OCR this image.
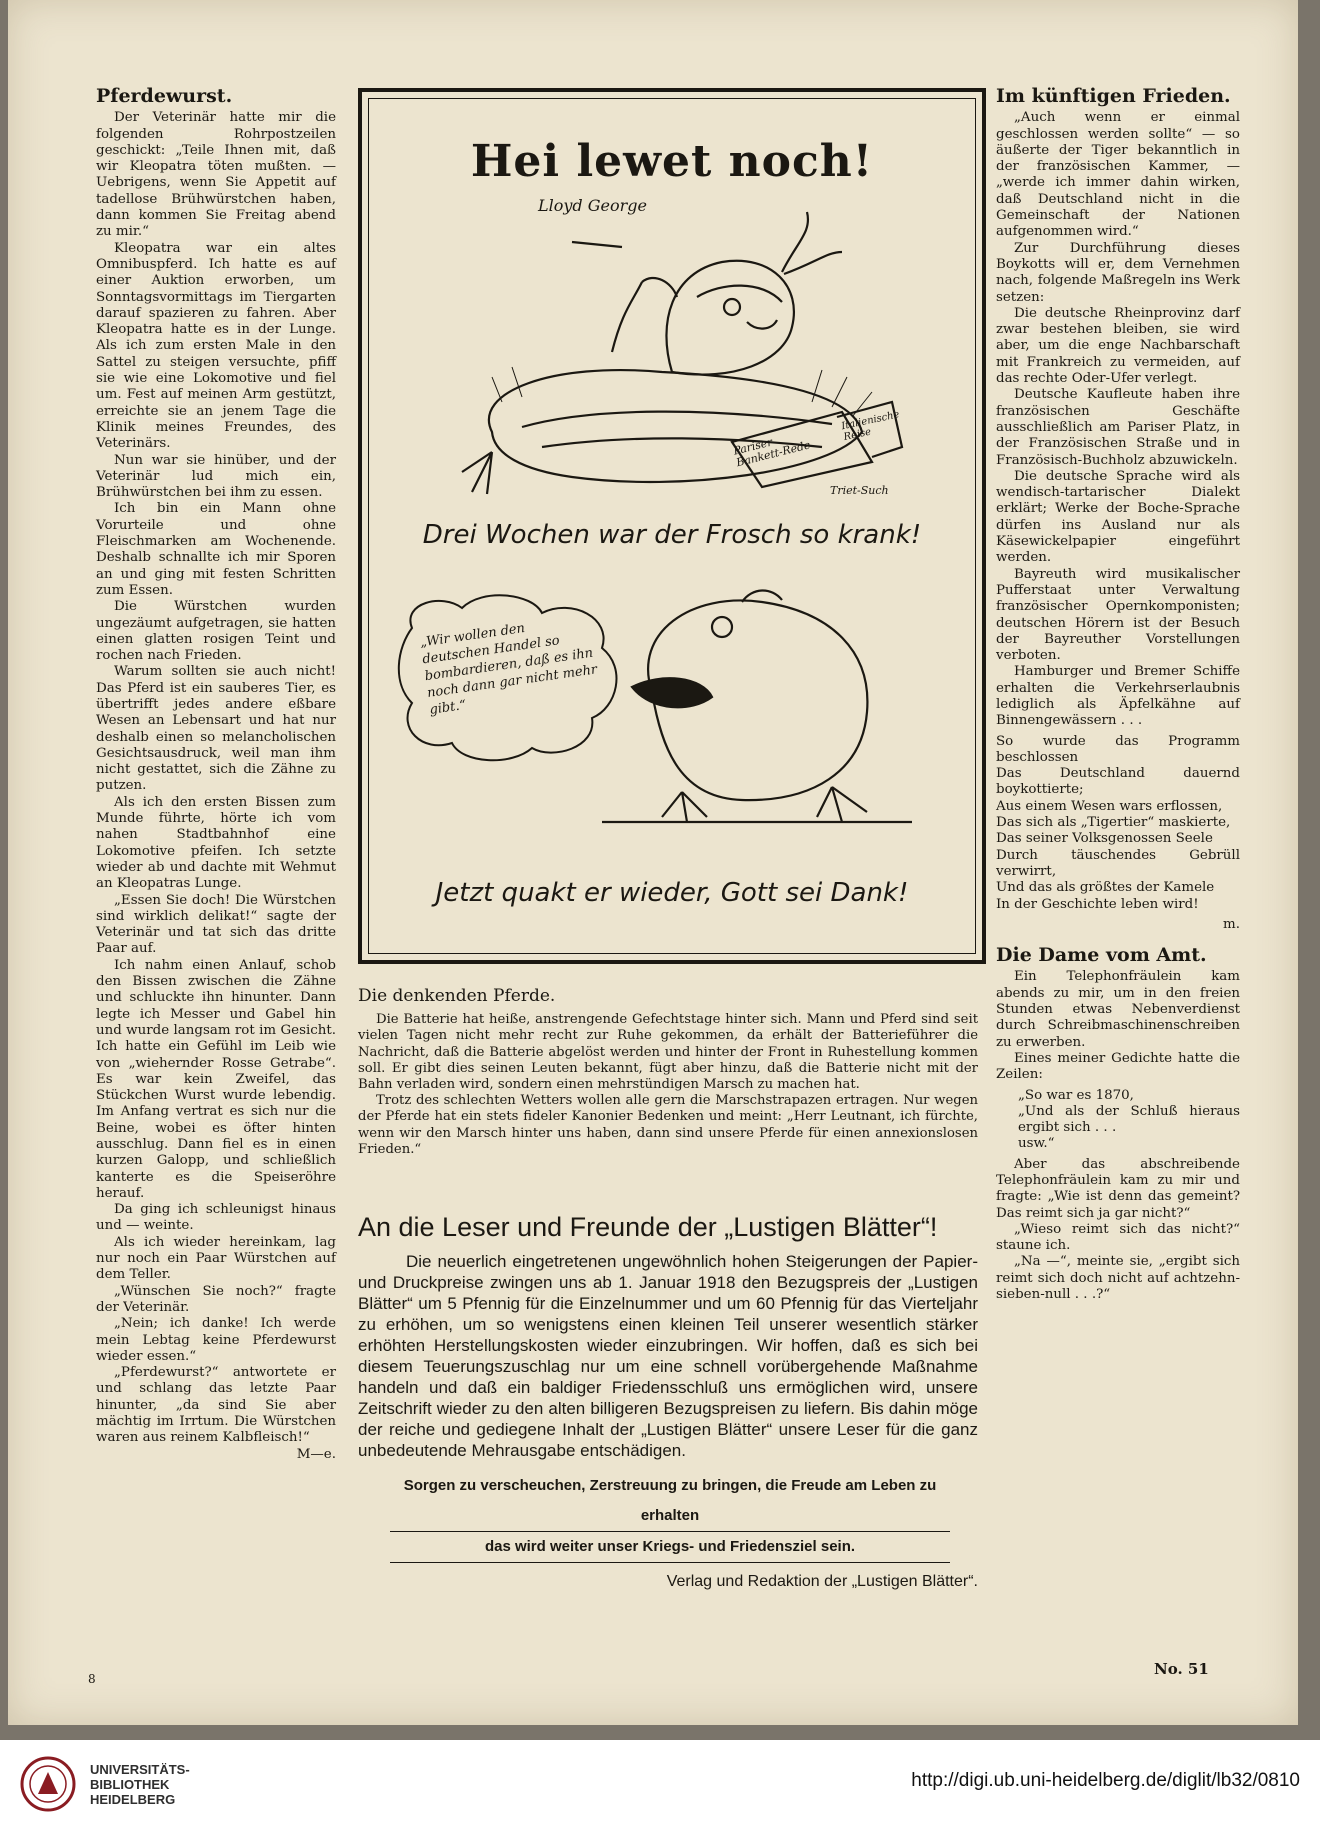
Pferdewurst.

Der Veterinär hatte mir die folgenden Rohrpostzeilen geschickt: „Teile Ihnen mit, daß wir Kleopatra töten mußten. — Uebrigens, wenn Sie Appetit auf tadellose Brühwürstchen haben, dann kommen Sie Freitag abend zu mir.“

Kleopatra war ein altes Omnibuspferd. Ich hatte es auf einer Auktion erworben, um Sonntagsvormittags im Tiergarten darauf spazieren zu fahren. Aber Kleopatra hatte es in der Lunge. Als ich zum ersten Male in den Sattel zu steigen versuchte, pfiff sie wie eine Lokomotive und fiel um. Fest auf meinen Arm gestützt, erreichte sie an jenem Tage die Klinik meines Freundes, des Veterinärs.

Nun war sie hinüber, und der Veterinär lud mich ein, Brühwürstchen bei ihm zu essen.

Ich bin ein Mann ohne Vorurteile und ohne Fleischmarken am Wochenende. Deshalb schnallte ich mir Sporen an und ging mit festen Schritten zum Essen.

Die Würstchen wurden ungezäumt aufgetragen, sie hatten einen glatten rosigen Teint und rochen nach Frieden.

Warum sollten sie auch nicht! Das Pferd ist ein sauberes Tier, es übertrifft jedes andere eßbare Wesen an Lebensart und hat nur deshalb einen so melancholischen Gesichtsausdruck, weil man ihm nicht gestattet, sich die Zähne zu putzen.

Als ich den ersten Bissen zum Munde führte, hörte ich vom nahen Stadtbahnhof eine Lokomotive pfeifen. Ich setzte wieder ab und dachte mit Wehmut an Kleopatras Lunge.

„Essen Sie doch! Die Würstchen sind wirklich delikat!“ sagte der Veterinär und tat sich das dritte Paar auf.

Ich nahm einen Anlauf, schob den Bissen zwischen die Zähne und schluckte ihn hinunter. Dann legte ich Messer und Gabel hin und wurde langsam rot im Gesicht. Ich hatte ein Gefühl im Leib wie von „wiehernder Rosse Getrabe“. Es war kein Zweifel, das Stückchen Wurst wurde lebendig. Im Anfang vertrat es sich nur die Beine, wobei es öfter hinten ausschlug. Dann fiel es in einen kurzen Galopp, und schließlich kanterte es die Speiseröhre herauf.

Da ging ich schleunigst hinaus und — weinte.

Als ich wieder hereinkam, lag nur noch ein Paar Würstchen auf dem Teller.

„Wünschen Sie noch?“ fragte der Veterinär.

„Nein; ich danke! Ich werde mein Lebtag keine Pferdewurst wieder essen.“

„Pferdewurst?“ antwortete er und schlang das letzte Paar hinunter, „da sind Sie aber mächtig im Irrtum. Die Würstchen waren aus reinem Kalbfleisch!“

M—e.
Hei lewet noch!
Lloyd George
Pariser Bankett-Rede
Italienische Reise
Triet-Such
Drei Wochen war der Frosch so krank!
„Wir wollen den deutschen Handel so bombardieren, daß es ihn noch dann gar nicht mehr gibt.“
Jetzt quakt er wieder, Gott sei Dank!
Die denkenden Pferde.

Die Batterie hat heiße, anstrengende Gefechtstage hinter sich. Mann und Pferd sind seit vielen Tagen nicht mehr recht zur Ruhe gekommen, da erhält der Batterieführer die Nachricht, daß die Batterie abgelöst werden und hinter der Front in Ruhestellung kommen soll. Er gibt dies seinen Leuten bekannt, fügt aber hinzu, daß die Batterie nicht mit der Bahn verladen wird, sondern einen mehrstündigen Marsch zu machen hat.

Trotz des schlechten Wetters wollen alle gern die Marschstrapazen ertragen. Nur wegen der Pferde hat ein stets fideler Kanonier Bedenken und meint: „Herr Leutnant, ich fürchte, wenn wir den Marsch hinter uns haben, dann sind unsere Pferde für einen annexionslosen Frieden.“

An die Leser und Freunde der „Lustigen Blätter“!

Die neuerlich eingetretenen ungewöhnlich hohen Steigerungen der Papier- und Druckpreise zwingen uns ab 1. Januar 1918 den Bezugspreis der „Lustigen Blätter“ um 5 Pfennig für die Einzelnummer und um 60 Pfennig für das Vierteljahr zu erhöhen, um so wenigstens einen kleinen Teil unserer wesentlich stärker erhöhten Herstellungskosten wieder einzubringen. Wir hoffen, daß es sich bei diesem Teuerungszuschlag nur um eine schnell vorübergehende Maßnahme handeln und daß ein baldiger Friedensschluß uns ermöglichen wird, unsere Zeitschrift wieder zu den alten billigeren Bezugspreisen zu liefern. Bis dahin möge der reiche und gediegene Inhalt der „Lustigen Blätter“ unsere Leser für die ganz unbedeutende Mehrausgabe entschädigen.

Sorgen zu verscheuchen, Zerstreuung zu bringen, die Freude am Leben zu erhalten
das wird weiter unser Kriegs- und Friedensziel sein.
Verlag und Redaktion der „Lustigen Blätter“.
Im künftigen Frieden.

„Auch wenn er einmal geschlossen werden sollte“ — so äußerte der Tiger bekanntlich in der französischen Kammer, — „werde ich immer dahin wirken, daß Deutschland nicht in die Gemeinschaft der Nationen aufgenommen wird.“

Zur Durchführung dieses Boykotts will er, dem Vernehmen nach, folgende Maßregeln ins Werk setzen:

Die deutsche Rheinprovinz darf zwar bestehen bleiben, sie wird aber, um die enge Nachbarschaft mit Frankreich zu vermeiden, auf das rechte Oder-Ufer verlegt.

Deutsche Kaufleute haben ihre französischen Geschäfte ausschließlich am Pariser Platz, in der Französischen Straße und in Französisch-Buchholz abzuwickeln.

Die deutsche Sprache wird als wendisch-tartarischer Dialekt erklärt; Werke der Boche-Sprache dürfen ins Ausland nur als Käsewickelpapier eingeführt werden.

Bayreuth wird musikalischer Pufferstaat unter Verwaltung französischer Opernkomponisten; deutschen Hörern ist der Besuch der Bayreuther Vorstellungen verboten.

Hamburger und Bremer Schiffe erhalten die Verkehrserlaubnis lediglich als Äpfelkähne auf Binnengewässern . . .

So wurde das Programm beschlossen
Das Deutschland dauernd boykottierte;
Aus einem Wesen wars erflossen,
Das sich als „Tigertier“ maskierte,
Das seiner Volksgenossen Seele
Durch täuschendes Gebrüll verwirrt,
Und das als größtes der Kamele
In der Geschichte leben wird!
m.
Die Dame vom Amt.

Ein Telephonfräulein kam abends zu mir, um in den freien Stunden etwas Nebenverdienst durch Schreibmaschinenschreiben zu erwerben.

Eines meiner Gedichte hatte die Zeilen:

„So war es 1870,
„Und als der Schluß hieraus ergibt sich . . .
usw.“

Aber das abschreibende Telephonfräulein kam zu mir und fragte: „Wie ist denn das gemeint? Das reimt sich ja gar nicht?“

„Wieso reimt sich das nicht?“ staune ich.

„Na —“, meinte sie, „ergibt sich reimt sich doch nicht auf achtzehn-sieben-null . . .?“

8
No. 51
UNIVERSITÄTS-
BIBLIOTHEK
HEIDELBERG
http://digi.ub.uni-heidelberg.de/diglit/lb32/0810
